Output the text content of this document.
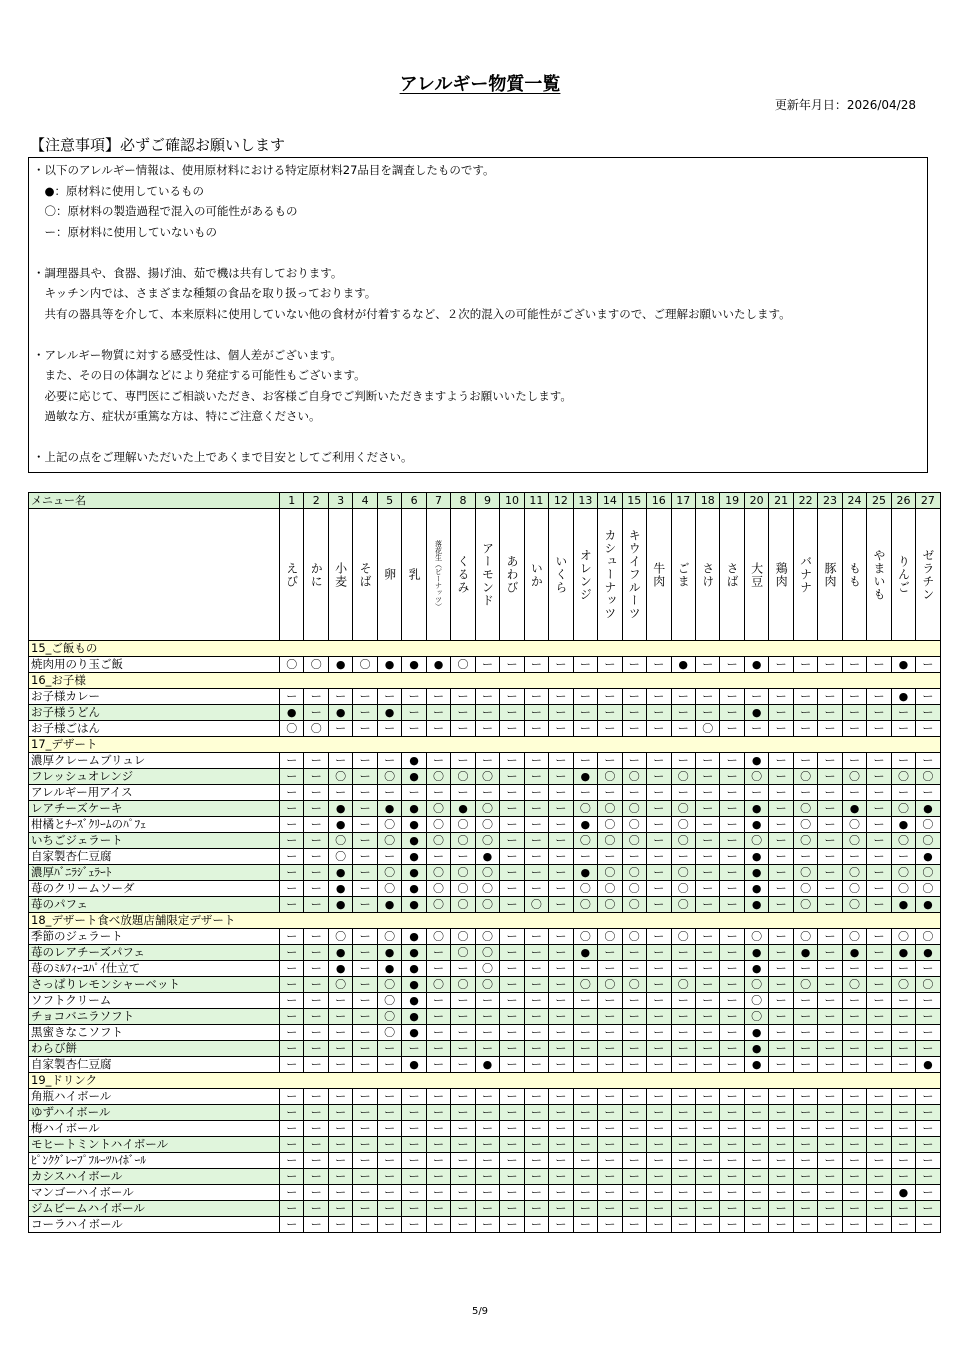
アレルギー物質一覧
更新年月日：2026/04/28
【注意事項】必ずご確認お願いします
・以下のアレルギー情報は、使用原材料における特定原材料27品目を調査したものです。
　●：原材料に使用しているもの
　〇：原材料の製造過程で混入の可能性があるもの
　ー：原材料に使用していないもの
・調理器具や、食器、揚げ油、茹で機は共有しております。
　キッチン内では、さまざまな種類の食品を取り扱っております。
　共有の器具等を介して、本来原料に使用していない他の食材が付着するなど、２次的混入の可能性がございますので、ご理解お願いいたします。
・アレルギー物質に対する感受性は、個人差がございます。
　また、その日の体調などにより発症する可能性もございます。
　必要に応じて、専門医にご相談いただき、お客様ご自身でご判断いただきますようお願いいたします。
　過敏な方、症状が重篤な方は、特にご注意ください。
・上記の点をご理解いただいた上であくまで目安としてご利用ください。
メニュー名	1	2	3	4	5	6	7	8	9	10	11	12	13	14	15	16	17	18	19	20	21	22	23	24	25	26	27

	えび	かに	小麦	そば	卵	乳	落花生（ピーナッツ）	くるみ	アーモンド	あわび	いか	いくら	オレンジ	カシューナッツ	キウイフルーツ	牛肉	ごま	さけ	さば	大豆	鶏肉	バナナ	豚肉	もも	やまいも	りんご	ゼラチン

15_ご飯もの																											
焼肉用のり玉ご飯	〇	〇	●	〇	●	●	●	〇	ー	ー	ー	ー	ー	ー	ー	ー	●	ー	ー	●	ー	ー	ー	ー	ー	●	ー
16_お子様																											
お子様カレー	ー	ー	ー	ー	ー	ー	ー	ー	ー	ー	ー	ー	ー	ー	ー	ー	ー	ー	ー	ー	ー	ー	ー	ー	ー	●	ー
お子様うどん	●	ー	●	ー	●	ー	ー	ー	ー	ー	ー	ー	ー	ー	ー	ー	ー	ー	ー	●	ー	ー	ー	ー	ー	ー	ー
お子様ごはん	〇	〇	ー	ー	ー	ー	ー	ー	ー	ー	ー	ー	ー	ー	ー	ー	ー	〇	ー	ー	ー	ー	ー	ー	ー	ー	ー
17_デザート																											
濃厚クレームブリュレ	ー	ー	ー	ー	ー	●	ー	ー	ー	ー	ー	ー	ー	ー	ー	ー	ー	ー	ー	●	ー	ー	ー	ー	ー	ー	ー
フレッシュオレンジ	ー	ー	〇	ー	〇	●	〇	〇	〇	ー	ー	ー	●	〇	〇	ー	〇	ー	ー	〇	ー	〇	ー	〇	ー	〇	〇
アレルギー用アイス	ー	ー	ー	ー	ー	ー	ー	ー	ー	ー	ー	ー	ー	ー	ー	ー	ー	ー	ー	ー	ー	ー	ー	ー	ー	ー	ー
レアチーズケーキ	ー	ー	●	ー	●	●	〇	●	〇	ー	ー	ー	〇	〇	〇	ー	〇	ー	ー	●	ー	〇	ー	●	ー	〇	●
柑橘とﾁｰｽﾞｸﾘｰﾑのﾊﾟﾌｪ	ー	ー	●	ー	〇	●	〇	〇	〇	ー	ー	ー	●	〇	〇	ー	〇	ー	ー	●	ー	〇	ー	〇	ー	●	〇
いちごジェラート	ー	ー	〇	ー	〇	●	〇	〇	〇	ー	ー	ー	〇	〇	〇	ー	〇	ー	ー	〇	ー	〇	ー	〇	ー	〇	〇
自家製杏仁豆腐	ー	ー	〇	ー	ー	●	ー	ー	●	ー	ー	ー	ー	ー	ー	ー	ー	ー	ー	●	ー	ー	ー	ー	ー	ー	●
濃厚ﾊﾞﾆﾗｼﾞｪﾗｰﾄ	ー	ー	●	ー	〇	●	〇	〇	〇	ー	ー	ー	●	〇	〇	ー	〇	ー	ー	●	ー	〇	ー	〇	ー	〇	〇
苺のクリームソーダ	ー	ー	●	ー	〇	●	〇	〇	〇	ー	ー	ー	〇	〇	〇	ー	〇	ー	ー	●	ー	〇	ー	〇	ー	〇	〇
苺のパフェ	ー	ー	●	ー	●	●	〇	〇	〇	ー	〇	ー	〇	〇	〇	ー	〇	ー	ー	●	ー	〇	ー	〇	ー	●	●
18_デザート食べ放題店舗限定デザート																											
季節のジェラート	ー	ー	〇	ー	〇	●	〇	〇	〇	ー	ー	ー	〇	〇	〇	ー	〇	ー	ー	〇	ー	〇	ー	〇	ー	〇	〇
苺のレアチーズパフェ	ー	ー	●	ー	●	●	ー	〇	〇	ー	ー	ー	●	ー	ー	ー	ー	ー	ー	●	ー	●	ー	●	ー	●	●
苺のﾐﾙﾌｨｰﾕﾊﾟｲ仕立て	ー	ー	●	ー	●	●	ー	ー	〇	ー	ー	ー	ー	ー	ー	ー	ー	ー	ー	●	ー	ー	ー	ー	ー	ー	ー
さっぱりレモンシャーベット	ー	ー	〇	ー	〇	●	〇	〇	〇	ー	ー	ー	〇	〇	〇	ー	〇	ー	ー	〇	ー	〇	ー	〇	ー	〇	〇
ソフトクリーム	ー	ー	ー	ー	〇	●	ー	ー	ー	ー	ー	ー	ー	ー	ー	ー	ー	ー	ー	〇	ー	ー	ー	ー	ー	ー	ー
チョコバニラソフト	ー	ー	ー	ー	〇	●	ー	ー	ー	ー	ー	ー	ー	ー	ー	ー	ー	ー	ー	〇	ー	ー	ー	ー	ー	ー	ー
黒蜜きなこソフト	ー	ー	ー	ー	〇	●	ー	ー	ー	ー	ー	ー	ー	ー	ー	ー	ー	ー	ー	●	ー	ー	ー	ー	ー	ー	ー
わらび餅	ー	ー	ー	ー	ー	ー	ー	ー	ー	ー	ー	ー	ー	ー	ー	ー	ー	ー	ー	●	ー	ー	ー	ー	ー	ー	ー
自家製杏仁豆腐	ー	ー	ー	ー	ー	●	ー	ー	●	ー	ー	ー	ー	ー	ー	ー	ー	ー	ー	●	ー	ー	ー	ー	ー	ー	●
19_ドリンク																											
角瓶ハイボール	ー	ー	ー	ー	ー	ー	ー	ー	ー	ー	ー	ー	ー	ー	ー	ー	ー	ー	ー	ー	ー	ー	ー	ー	ー	ー	ー
ゆずハイボール	ー	ー	ー	ー	ー	ー	ー	ー	ー	ー	ー	ー	ー	ー	ー	ー	ー	ー	ー	ー	ー	ー	ー	ー	ー	ー	ー
梅ハイボール	ー	ー	ー	ー	ー	ー	ー	ー	ー	ー	ー	ー	ー	ー	ー	ー	ー	ー	ー	ー	ー	ー	ー	ー	ー	ー	ー
モヒートミントハイボール	ー	ー	ー	ー	ー	ー	ー	ー	ー	ー	ー	ー	ー	ー	ー	ー	ー	ー	ー	ー	ー	ー	ー	ー	ー	ー	ー
ﾋﾟﾝｸｸﾞﾚｰﾌﾟﾌﾙｰﾂﾊｲﾎﾞｰﾙ	ー	ー	ー	ー	ー	ー	ー	ー	ー	ー	ー	ー	ー	ー	ー	ー	ー	ー	ー	ー	ー	ー	ー	ー	ー	ー	ー
カシスハイボール	ー	ー	ー	ー	ー	ー	ー	ー	ー	ー	ー	ー	ー	ー	ー	ー	ー	ー	ー	ー	ー	ー	ー	ー	ー	ー	ー
マンゴーハイボール	ー	ー	ー	ー	ー	ー	ー	ー	ー	ー	ー	ー	ー	ー	ー	ー	ー	ー	ー	ー	ー	ー	ー	ー	ー	●	ー
ジムビームハイボール	ー	ー	ー	ー	ー	ー	ー	ー	ー	ー	ー	ー	ー	ー	ー	ー	ー	ー	ー	ー	ー	ー	ー	ー	ー	ー	ー
コーラハイボール	ー	ー	ー	ー	ー	ー	ー	ー	ー	ー	ー	ー	ー	ー	ー	ー	ー	ー	ー	ー	ー	ー	ー	ー	ー	ー	ー
5/9
